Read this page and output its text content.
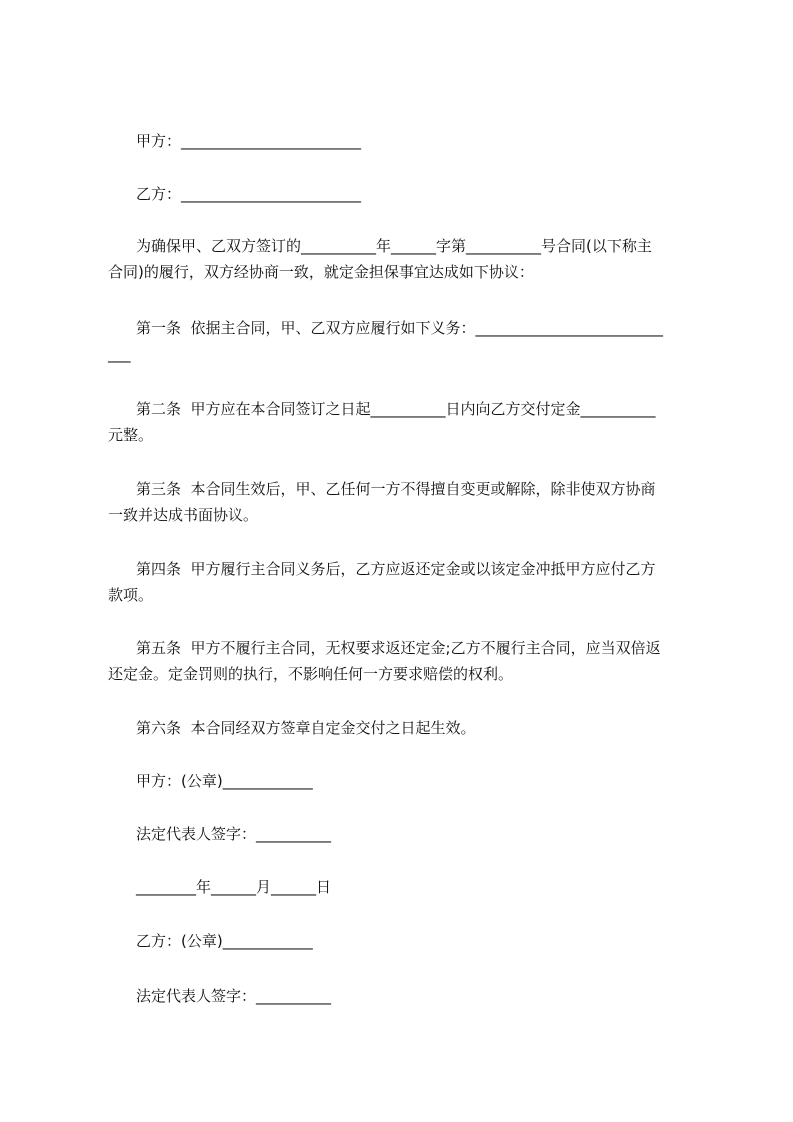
甲方：________________________
乙方：________________________
为确保甲、乙双方签订的__________年______字第__________号合同(以下称主
合同)的履行，双方经协商一致，就定金担保事宜达成如下协议：
第一条  依据主合同，甲、乙双方应履行如下义务：_________________________
___
第二条  甲方应在本合同签订之日起__________日内向乙方交付定金__________
元整。
第三条  本合同生效后，甲、乙任何一方不得擅自变更或解除，除非使双方协商
一致并达成书面协议。
第四条  甲方履行主合同义务后，乙方应返还定金或以该定金冲抵甲方应付乙方
款项。
第五条  甲方不履行主合同，无权要求返还定金;乙方不履行主合同，应当双倍返
还定金。定金罚则的执行，不影响任何一方要求赔偿的权利。
第六条  本合同经双方签章自定金交付之日起生效。
甲方：(公章)____________
法定代表人签字：__________
________年______月______日
乙方：(公章)____________
法定代表人签字：__________
